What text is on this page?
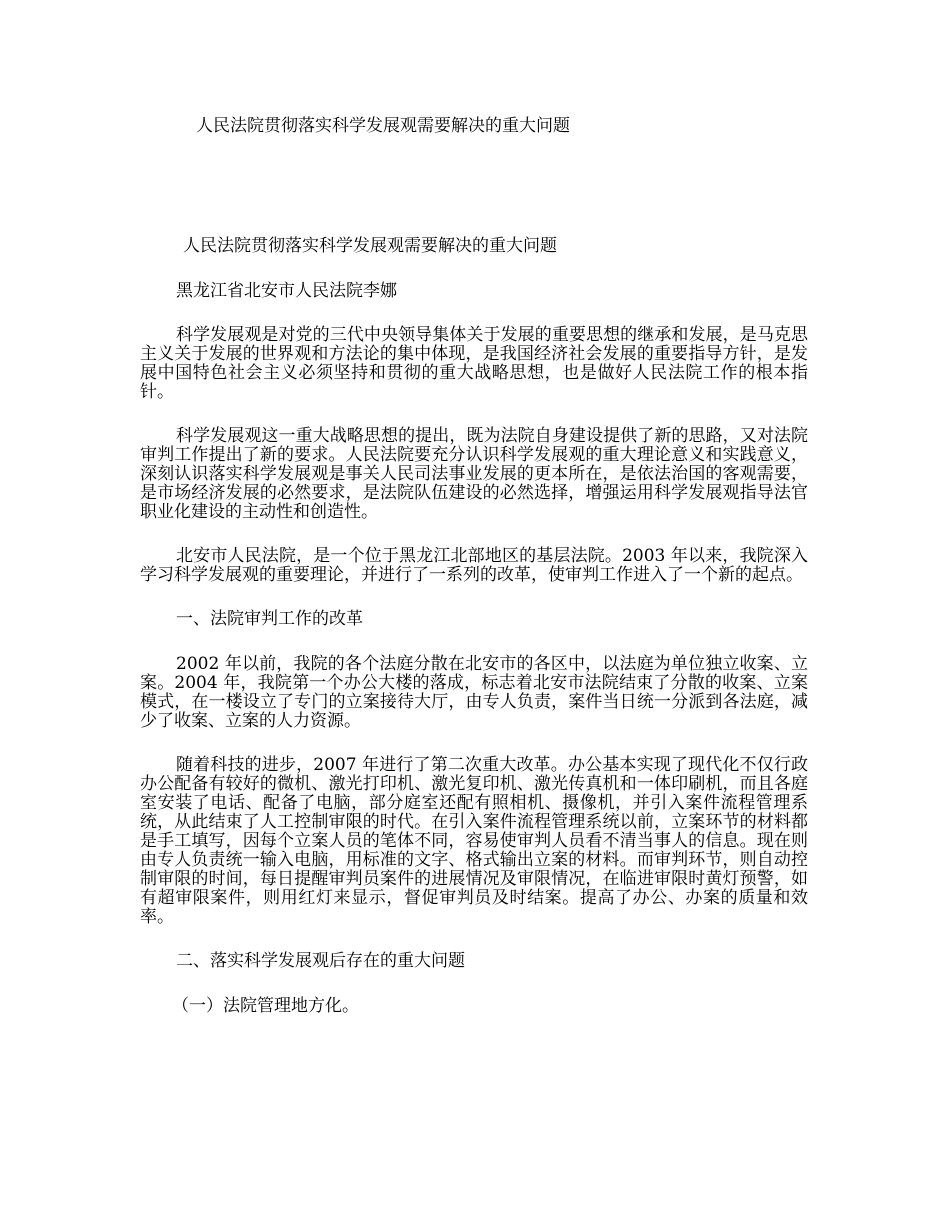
人民法院贯彻落实科学发展观需要解决的重大问题

人民法院贯彻落实科学发展观需要解决的重大问题

黑龙江省北安市人民法院李娜

科学发展观是对党的三代中央领导集体关于发展的重要思想的继承和发展，是马克思主义关于发展的世界观和方法论的集中体现，是我国经济社会发展的重要指导方针，是发展中国特色社会主义必须坚持和贯彻的重大战略思想，也是做好人民法院工作的根本指针。

科学发展观这一重大战略思想的提出，既为法院自身建设提供了新的思路，又对法院审判工作提出了新的要求。人民法院要充分认识科学发展观的重大理论意义和实践意义，深刻认识落实科学发展观是事关人民司法事业发展的更本所在，是依法治国的客观需要，是市场经济发展的必然要求，是法院队伍建设的必然选择，增强运用科学发展观指导法官职业化建设的主动性和创造性。

北安市人民法院，是一个位于黑龙江北部地区的基层法院。2003 年以来，我院深入学习科学发展观的重要理论，并进行了一系列的改革，使审判工作进入了一个新的起点。

一、法院审判工作的改革

2002 年以前，我院的各个法庭分散在北安市的各区中，以法庭为单位独立收案、立案。2004 年，我院第一个办公大楼的落成，标志着北安市法院结束了分散的收案、立案模式，在一楼设立了专门的立案接待大厅，由专人负责，案件当日统一分派到各法庭，减少了收案、立案的人力资源。

随着科技的进步，2007 年进行了第二次重大改革。办公基本实现了现代化不仅行政办公配备有较好的微机、激光打印机、激光复印机、激光传真机和一体印刷机，而且各庭室安装了电话、配备了电脑，部分庭室还配有照相机、摄像机，并引入案件流程管理系统，从此结束了人工控制审限的时代。在引入案件流程管理系统以前，立案环节的材料都是手工填写，因每个立案人员的笔体不同，容易使审判人员看不清当事人的信息。现在则由专人负责统一输入电脑，用标准的文字、格式输出立案的材料。而审判环节，则自动控制审限的时间，每日提醒审判员案件的进展情况及审限情况，在临进审限时黄灯预警，如有超审限案件，则用红灯来显示，督促审判员及时结案。提高了办公、办案的质量和效率。

二、落实科学发展观后存在的重大问题

（一）法院管理地方化。
